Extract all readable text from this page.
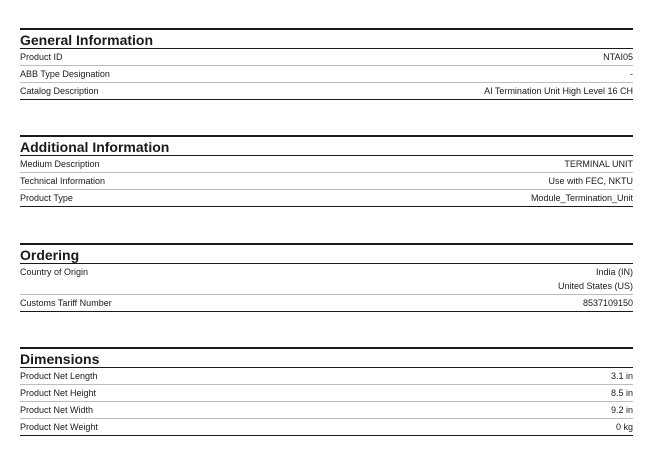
General Information
Product ID	NTAI05
ABB Type Designation	-
Catalog Description	AI Termination Unit High Level 16 CH
Additional Information
Medium Description	TERMINAL UNIT
Technical Information	Use with FEC, NKTU
Product Type	Module_Termination_Unit
Ordering
Country of Origin	India (IN)
United States (US)
Customs Tariff Number	8537109150
Dimensions
Product Net Length	3.1 in
Product Net Height	8.5 in
Product Net Width	9.2 in
Product Net Weight	0 kg
